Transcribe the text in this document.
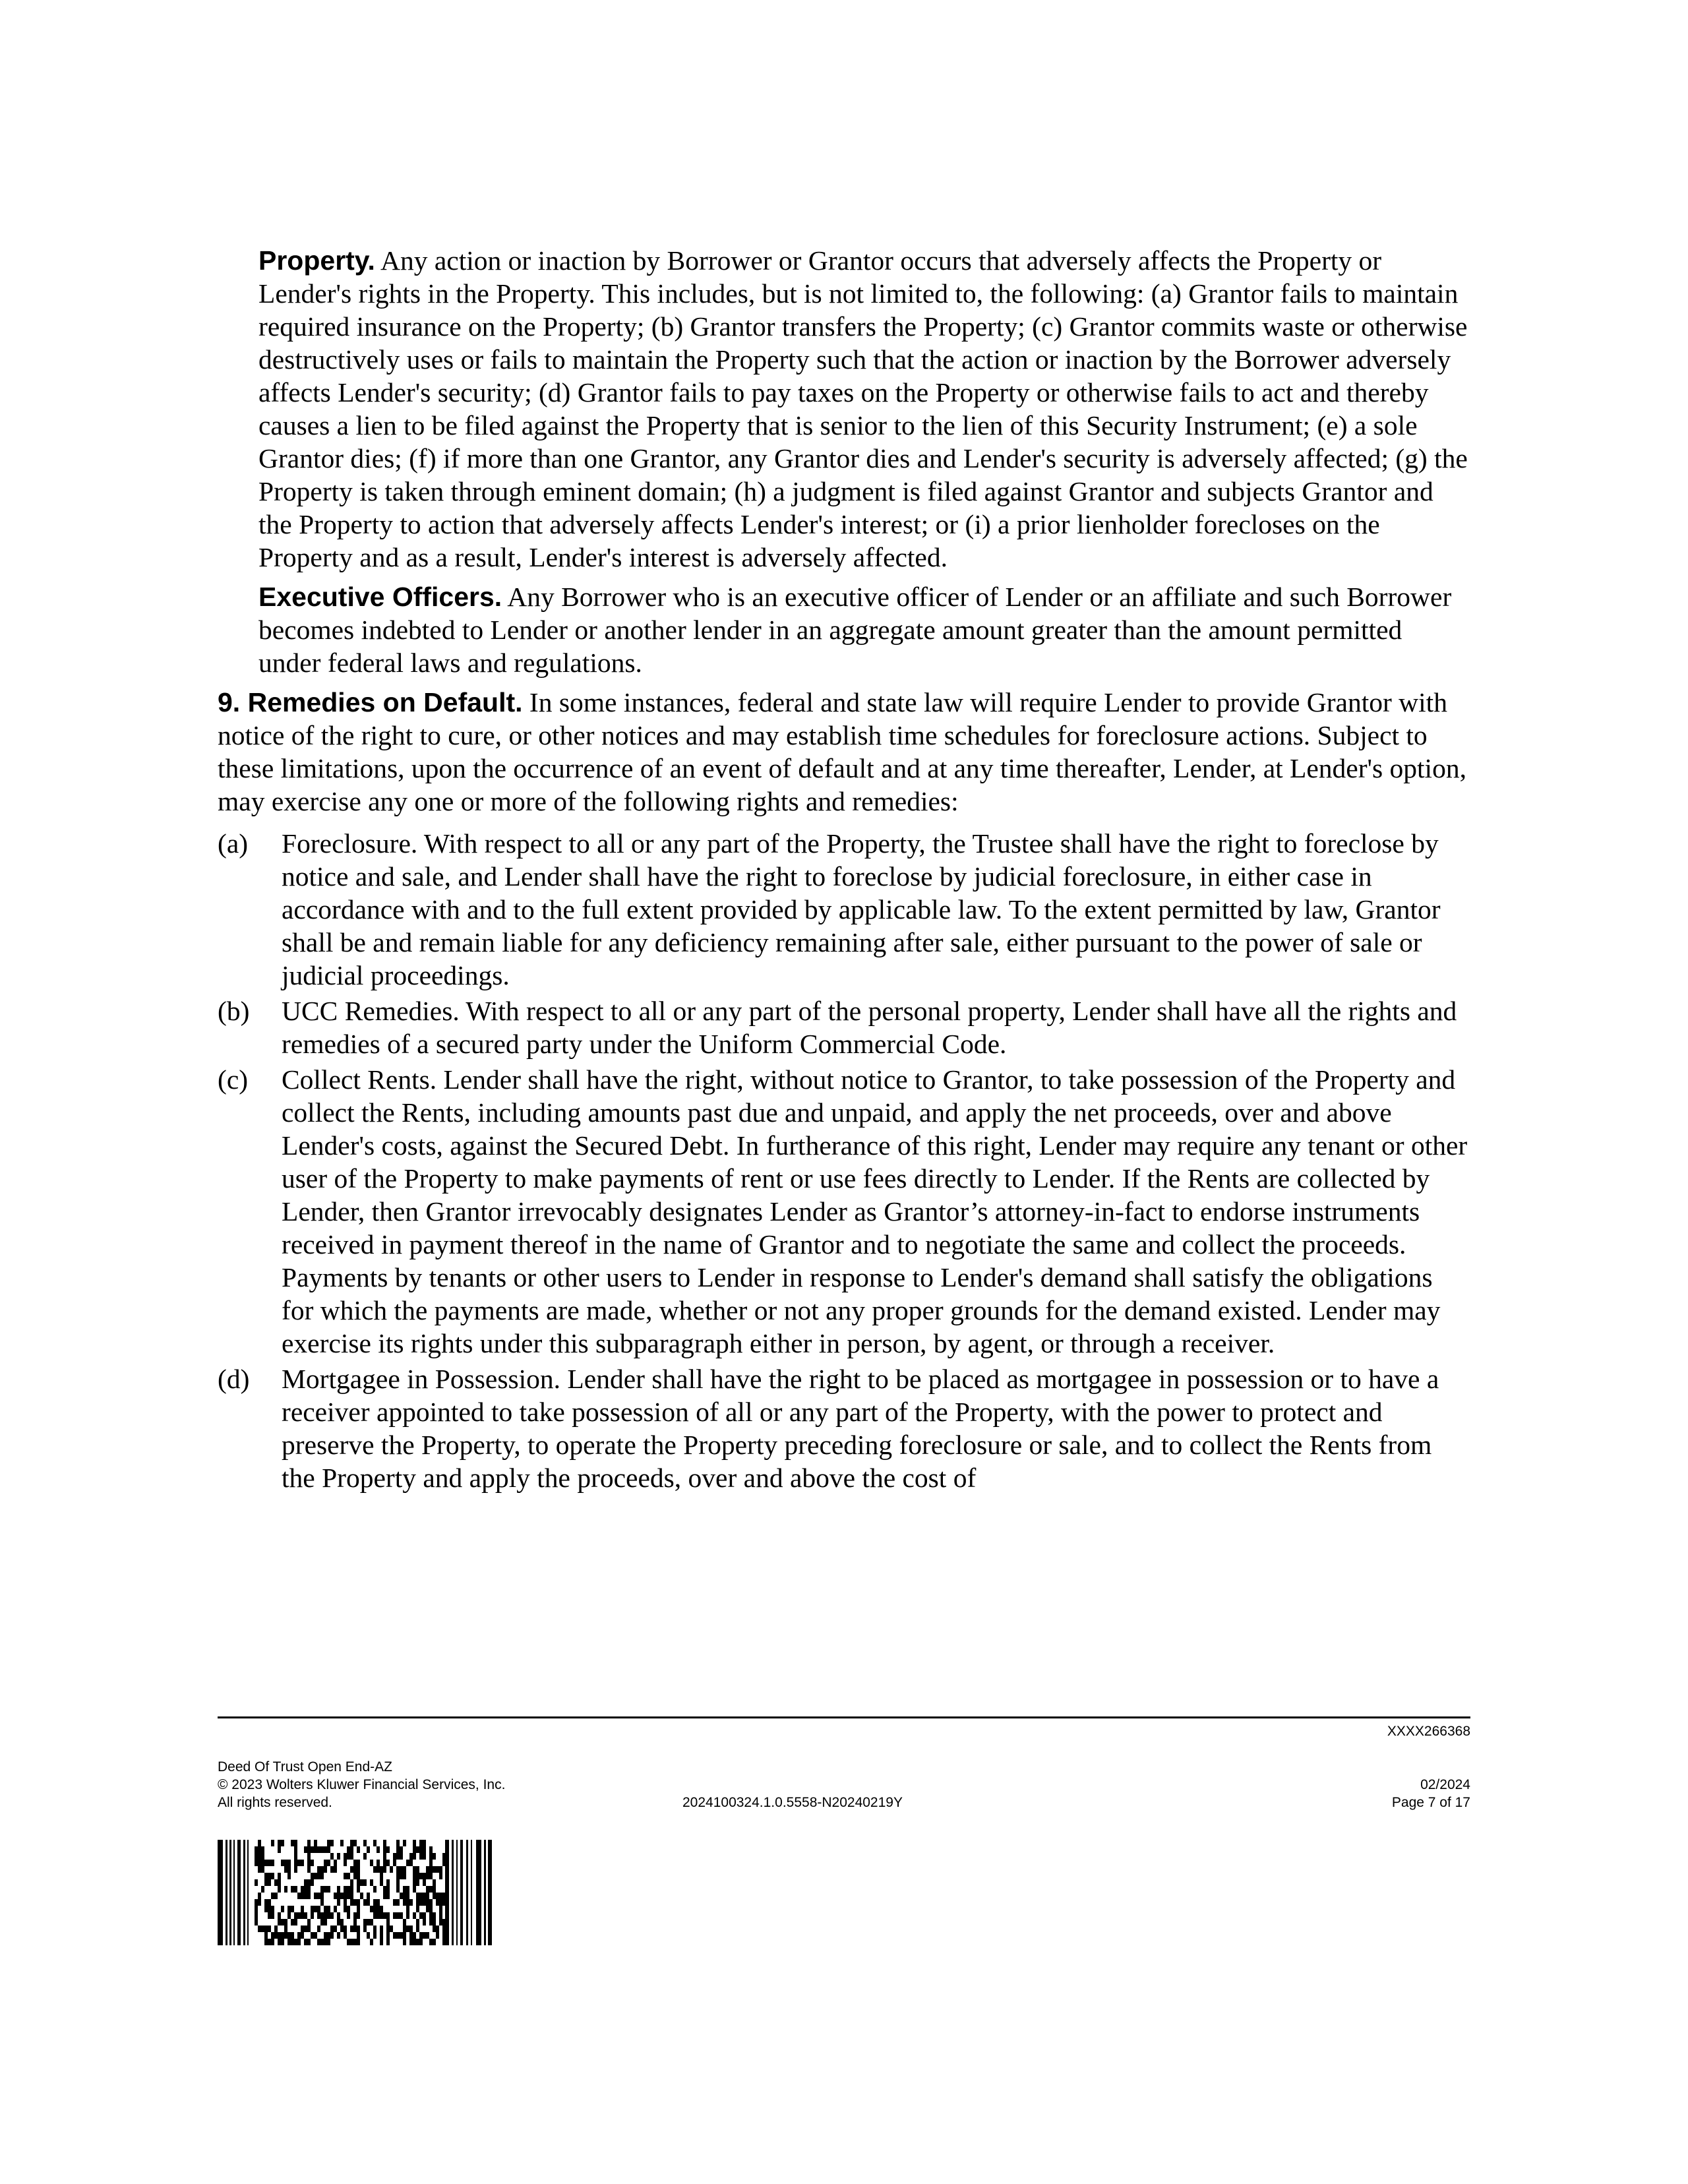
Property. Any action or inaction by Borrower or Grantor occurs that adversely affects the Property or Lender's rights in the Property. This includes, but is not limited to, the following: (a) Grantor fails to maintain required insurance on the Property; (b) Grantor transfers the Property; (c) Grantor commits waste or otherwise destructively uses or fails to maintain the Property such that the action or inaction by the Borrower adversely affects Lender's security; (d) Grantor fails to pay taxes on the Property or otherwise fails to act and thereby causes a lien to be filed against the Property that is senior to the lien of this Security Instrument; (e) a sole Grantor dies; (f) if more than one Grantor, any Grantor dies and Lender's security is adversely affected; (g) the Property is taken through eminent domain; (h) a judgment is filed against Grantor and subjects Grantor and the Property to action that adversely affects Lender's interest; or (i) a prior lienholder forecloses on the Property and as a result, Lender's interest is adversely affected.

Executive Officers. Any Borrower who is an executive officer of Lender or an affiliate and such Borrower becomes indebted to Lender or another lender in an aggregate amount greater than the amount permitted under federal laws and regulations.

9. Remedies on Default. In some instances, federal and state law will require Lender to provide Grantor with notice of the right to cure, or other notices and may establish time schedules for foreclosure actions. Subject to these limitations, upon the occurrence of an event of default and at any time thereafter, Lender, at Lender's option, may exercise any one or more of the following rights and remedies:

(a)	Foreclosure. With respect to all or any part of the Property, the Trustee shall have the right to foreclose by notice and sale, and Lender shall have the right to foreclose by judicial foreclosure, in either case in accordance with and to the full extent provided by applicable law. To the extent permitted by law, Grantor shall be and remain liable for any deficiency remaining after sale, either pursuant to the power of sale or judicial proceedings.
(b)	UCC Remedies. With respect to all or any part of the personal property, Lender shall have all the rights and remedies of a secured party under the Uniform Commercial Code.
(c)	Collect Rents. Lender shall have the right, without notice to Grantor, to take possession of the Property and collect the Rents, including amounts past due and unpaid, and apply the net proceeds, over and above Lender's costs, against the Secured Debt. In furtherance of this right, Lender may require any tenant or other user of the Property to make payments of rent or use fees directly to Lender. If the Rents are collected by Lender, then Grantor irrevocably designates Lender as Grantor’s attorney-in-fact to endorse instruments received in payment thereof in the name of Grantor and to negotiate the same and collect the proceeds. Payments by tenants or other users to Lender in response to Lender's demand shall satisfy the obligations for which the payments are made, whether or not any proper grounds for the demand existed. Lender may exercise its rights under this subparagraph either in person, by agent, or through a receiver.
(d)	Mortgagee in Possession. Lender shall have the right to be placed as mortgagee in possession or to have a receiver appointed to take possession of all or any part of the Property, with the power to protect and preserve the Property, to operate the Property preceding foreclosure or sale, and to collect the Rents from the Property and apply the proceeds, over and above the cost of
XXXX266368
Deed Of Trust Open End-AZ
© 2023 Wolters Kluwer Financial Services, Inc.
All rights reserved.	2024100324.1.0.5558-N20240219Y
02/2024
Page 7 of 17
